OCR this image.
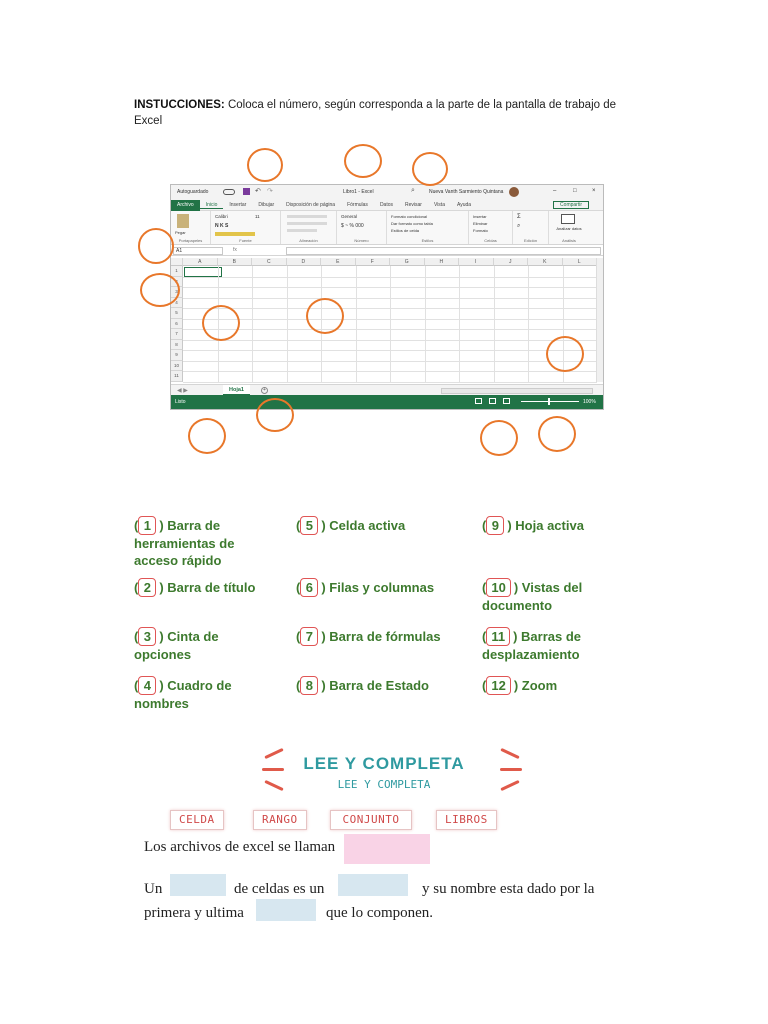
INSTUCCIONES: Coloca el número, según corresponda a la parte de la pantalla de trabajo de Excel
Autoguardado	↶ ↷	Libro1 - Excel	⌕	Nueva Vanth Sarmiento Quintana	–	□	×
Archivo	Inicio	Insertar	Dibujar	Disposición de página	Fórmulas	Datos	Revisar	Vista	Ayuda	Compartir
Pegar
Portapapeles
Calibri	11
N K S
Fuente	Alineación
General
$ ~ % 000
Número
Formato condicional
Dar formato como tabla
Estilos de celda
Estilos
Insertar
Eliminar
Formato
Celdas
Σ
⌕
Edición
Analizar datos
Análisis
A1	fx
A	B	C	D	E	F	G	H	I	J	K	L
1
2
3
4
5
6
7
8
9
10
11
◀ ▶	Hoja1	+
Listo	100%
( 1 ) Barra de herramientas de acceso rápido
( 2 ) Barra de título
( 3 ) Cinta de opciones
( 4 ) Cuadro de nombres
( 5 ) Celda activa
( 6 ) Filas y columnas
( 7 ) Barra de fórmulas
( 8 ) Barra de Estado
( 9 ) Hoja activa
( 10 ) Vistas del documento
( 11 ) Barras de desplazamiento
( 12 ) Zoom
LEE Y COMPLETA
LEE Y COMPLETA
CELDA	RANGO	CONJUNTO	LIBROS
Los archivos de excel se llaman
Un	de celdas es un	y su nombre esta dado por la
primera y ultima	que lo componen.
